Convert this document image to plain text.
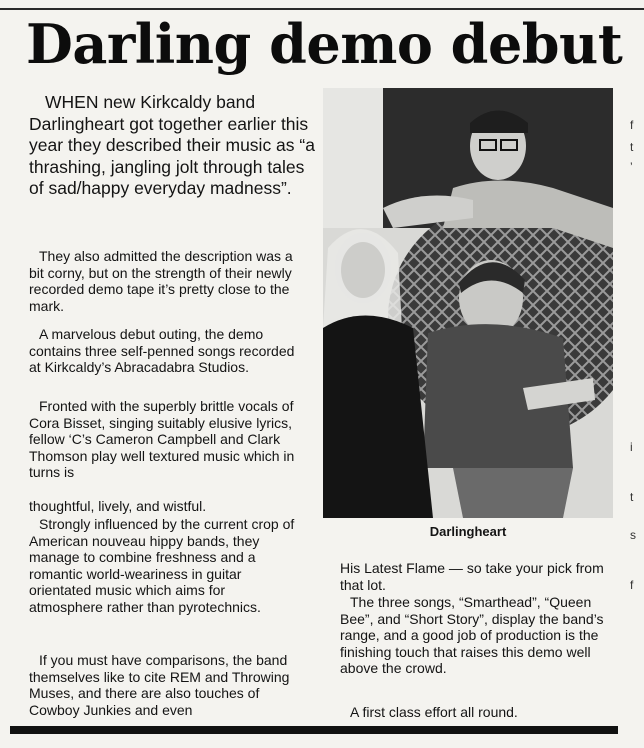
Darling demo debut

WHEN new Kirkcaldy band Darlingheart got together earlier this year they described their music as “a thrashing, jangling jolt through tales of sad/happy everyday madness”.

They also admitted the description was a bit corny, but on the strength of their newly recorded demo tape it’s pretty close to the mark.

A marvelous debut outing, the demo contains three self-penned songs recorded at Kirkcaldy’s Abracadabra Studios.

Fronted with the superbly brittle vocals of Cora Bisset, singing suitably elusive lyrics, fellow ‘C’s Cameron Campbell and Clark Thomson play well textured music which in turns is

thoughtful, lively, and wistful.

Strongly influenced by the current crop of American nouveau hippy bands, they manage to combine freshness and a romantic world-weariness in guitar orientated music which aims for atmosphere rather than pyrotechnics.

If you must have comparisons, the band themselves like to cite REM and Throwing Muses, and there are also touches of Cowboy Junkies and even

Darlingheart

His Latest Flame — so take your pick from that lot.

The three songs, “Smarthead”, “Queen Bee”, and “Short Story”, display the band’s range, and a good job of production is the finishing touch that raises this demo well above the crowd.

A first class effort all round.

f
t
’
i
t
s
f
